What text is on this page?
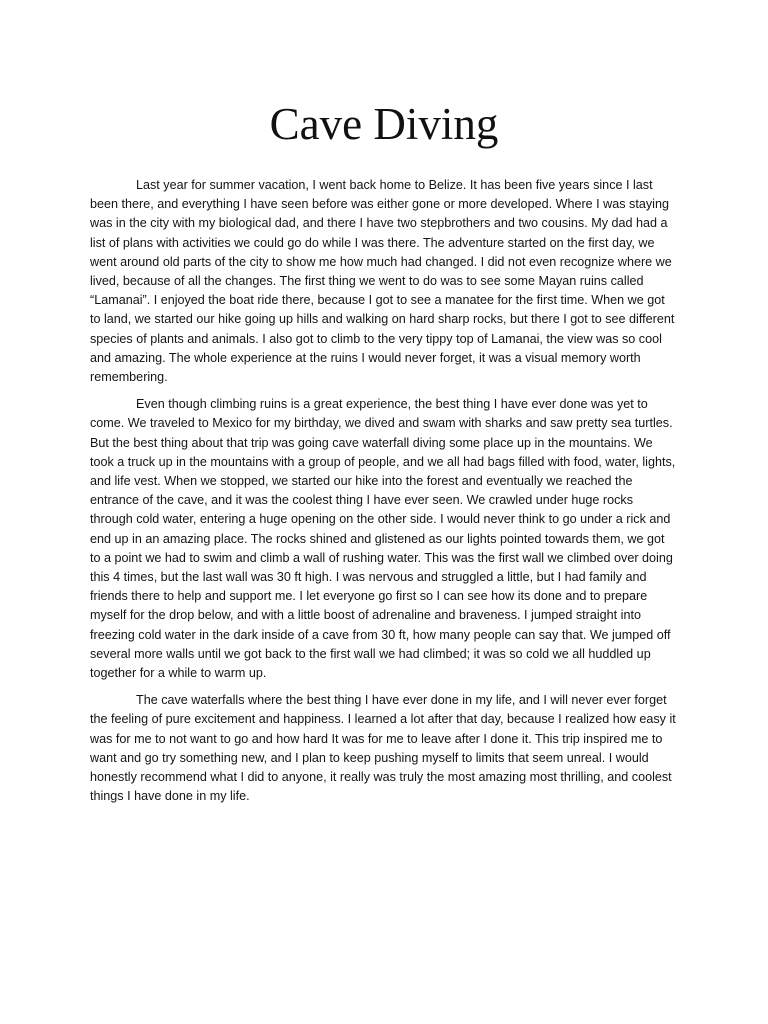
Cave Diving

Last year for summer vacation, I went back home to Belize. It has been five years since I last been there, and everything I have seen before was either gone or more developed. Where I was staying was in the city with my biological dad, and there I have two stepbrothers and two cousins. My dad had a list of plans with activities we could go do while I was there. The adventure started on the first day, we went around old parts of the city to show me how much had changed. I did not even recognize where we lived, because of all the changes. The first thing we went to do was to see some Mayan ruins called “Lamanai”. I enjoyed the boat ride there, because I got to see a manatee for the first time. When we got to land, we started our hike going up hills and walking on hard sharp rocks, but there I got to see different species of plants and animals. I also got to climb to the very tippy top of Lamanai, the view was so cool and amazing. The whole experience at the ruins I would never forget, it was a visual memory worth remembering.

Even though climbing ruins is a great experience, the best thing I have ever done was yet to come. We traveled to Mexico for my birthday, we dived and swam with sharks and saw pretty sea turtles. But the best thing about that trip was going cave waterfall diving some place up in the mountains. We took a truck up in the mountains with a group of people, and we all had bags filled with food, water, lights, and life vest. When we stopped, we started our hike into the forest and eventually we reached the entrance of the cave, and it was the coolest thing I have ever seen. We crawled under huge rocks through cold water, entering a huge opening on the other side. I would never think to go under a rick and end up in an amazing place. The rocks shined and glistened as our lights pointed towards them, we got to a point we had to swim and climb a wall of rushing water. This was the first wall we climbed over doing this 4 times, but the last wall was 30 ft high. I was nervous and struggled a little, but I had family and friends there to help and support me. I let everyone go first so I can see how its done and to prepare myself for the drop below, and with a little boost of adrenaline and braveness. I jumped straight into freezing cold water in the dark inside of a cave from 30 ft, how many people can say that. We jumped off several more walls until we got back to the first wall we had climbed; it was so cold we all huddled up together for a while to warm up.

The cave waterfalls where the best thing I have ever done in my life, and I will never ever forget the feeling of pure excitement and happiness. I learned a lot after that day, because I realized how easy it was for me to not want to go and how hard It was for me to leave after I done it. This trip inspired me to want and go try something new, and I plan to keep pushing myself to limits that seem unreal. I would honestly recommend what I did to anyone, it really was truly the most amazing most thrilling, and coolest things I have done in my life.
